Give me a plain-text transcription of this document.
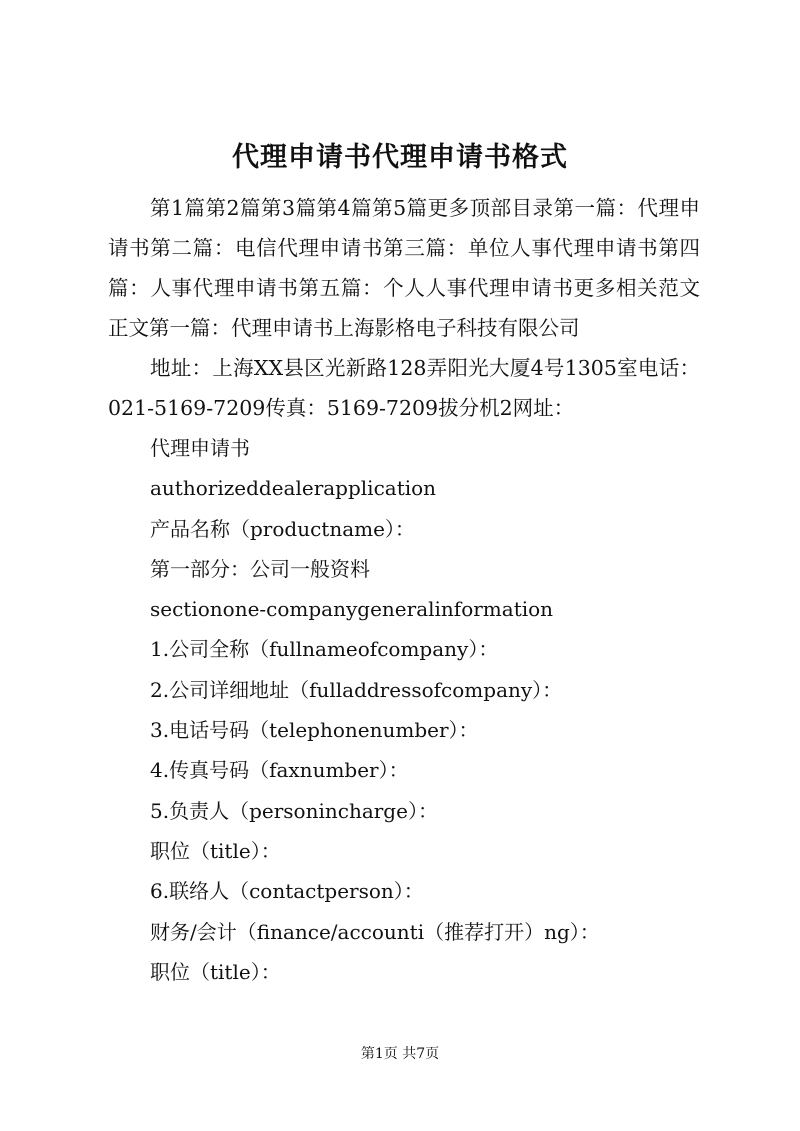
代理申请书代理申请书格式

第1篇第2篇第3篇第4篇第5篇更多顶部目录第一篇：代理申请书第二篇：电信代理申请书第三篇：单位人事代理申请书第四篇：人事代理申请书第五篇：个人人事代理申请书更多相关范文正文第一篇：代理申请书上海影格电子科技有限公司

地址：上海XX县区光新路128弄阳光大厦4号1305室电话：021-5169-7209传真：5169-7209拔分机2网址：

代理申请书
authorizeddealerapplication
产品名称（productname）：
第一部分：公司一般资料
sectionone-companygeneralinformation
1.公司全称（fullnameofcompany）：
2.公司详细地址（fulladdressofcompany）：
3.电话号码（telephonenumber）：
4.传真号码（faxnumber）：
5.负责人（personincharge）：
职位（title）：
6.联络人（contactperson）：
财务/会计（finance/accounti（推荐打开）ng）：
职位（title）：
第1页 共7页
